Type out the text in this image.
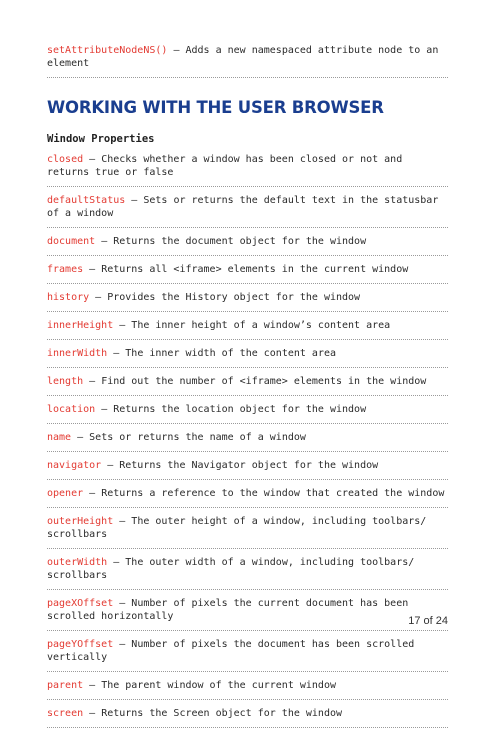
setAttributeNodeNS() — Adds a new namespaced attribute node to an element
WORKING WITH THE USER BROWSER
Window Properties
closed — Checks whether a window has been closed or not and returns true or false
defaultStatus — Sets or returns the default text in the statusbar of a window
document — Returns the document object for the window
frames — Returns all <iframe> elements in the current window
history — Provides the History object for the window
innerHeight — The inner height of a window’s content area
innerWidth — The inner width of the content area
length — Find out the number of <iframe> elements in the window
location — Returns the location object for the window
name — Sets or returns the name of a window
navigator — Returns the Navigator object for the window
opener — Returns a reference to the window that created the window
outerHeight — The outer height of a window, including toolbars/ scrollbars
outerWidth — The outer width of a window, including toolbars/ scrollbars
pageXOffset — Number of pixels the current document has been scrolled horizontally
pageYOffset — Number of pixels the document has been scrolled vertically
parent — The parent window of the current window
screen — Returns the Screen object for the window
17 of 24
